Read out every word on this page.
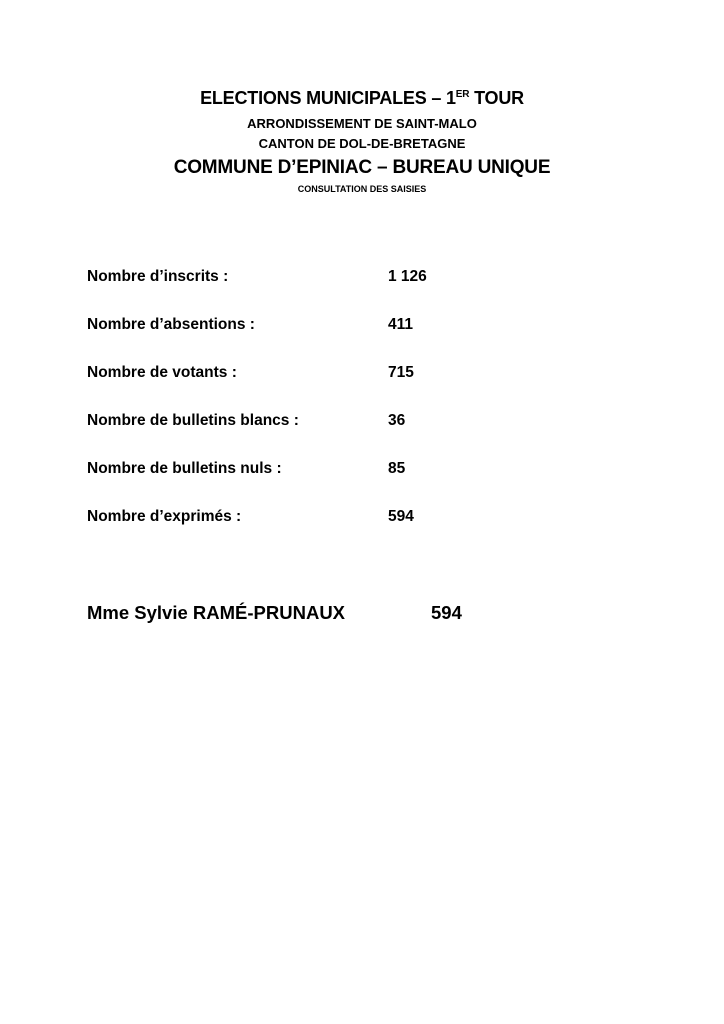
ELECTIONS MUNICIPALES – 1ER TOUR
ARRONDISSEMENT DE SAINT-MALO
CANTON DE DOL-DE-BRETAGNE
COMMUNE D’EPINIAC – BUREAU UNIQUE
CONSULTATION DES SAISIES
Nombre d’inscrits :	1 126
Nombre d’absentions :	411
Nombre de votants :	715
Nombre de bulletins blancs :	36
Nombre de bulletins nuls :	85
Nombre d’exprimés :	594
Mme Sylvie RAMÉ-PRUNAUX	594
